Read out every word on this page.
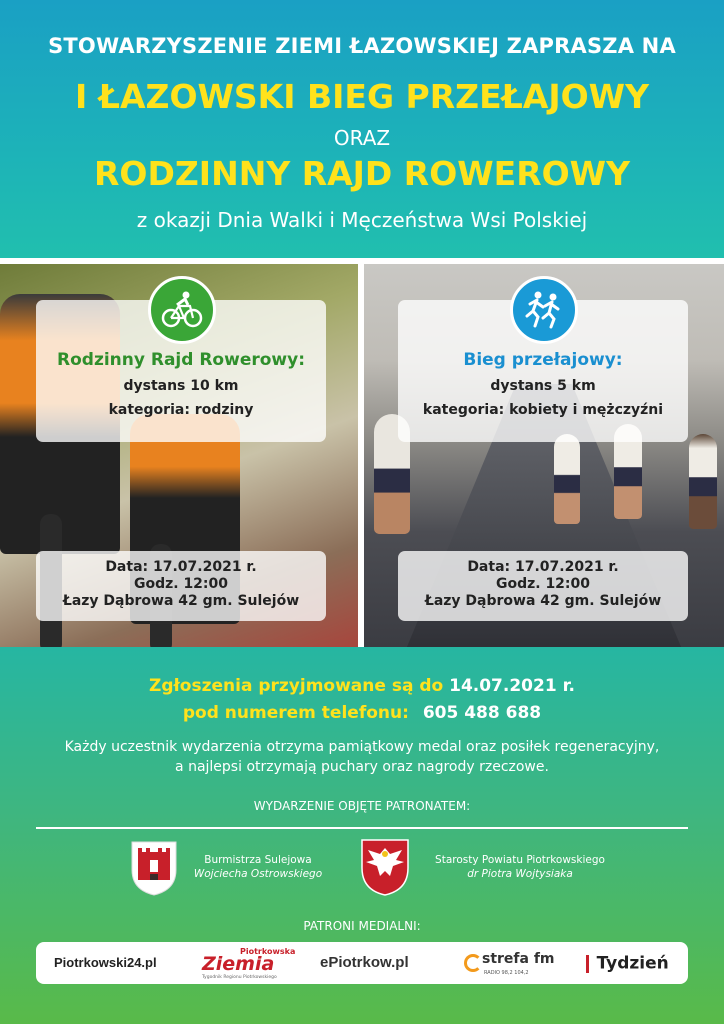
STOWARZYSZENIE ZIEMI ŁAZOWSKIEJ ZAPRASZA NA
I ŁAZOWSKI BIEG PRZEŁAJOWY
ORAZ
RODZINNY RAJD ROWEROWY
z okazji Dnia Walki i Męczeństwa Wsi Polskiej
Rodzinny Rajd Rowerowy:
dystans 10 km
kategoria: rodziny
Data: 17.07.2021 r.
Godz. 12:00
Łazy Dąbrowa 42 gm. Sulejów
Bieg przełajowy:
dystans 5 km
kategoria: kobiety i mężczyźni
Data: 17.07.2021 r.
Godz. 12:00
Łazy Dąbrowa 42 gm. Sulejów
Zgłoszenia przyjmowane są do 14.07.2021 r.
pod numerem telefonu: 605 488 688
Każdy uczestnik wydarzenia otrzyma pamiątkowy medal oraz posiłek regeneracyjny,
a najlepsi otrzymają puchary oraz nagrody rzeczowe.
WYDARZENIE OBJĘTE PATRONATEM:
Burmistrza Sulejowa
Wojciecha Ostrowskiego
Starosty Powiatu Piotrkowskiego
dr Piotra Wojtysiaka
PATRONI MEDIALNI:
Piotrkowski24.pl
Piotrkowska
Ziemia
Tygodnik Regionu Piotrkowskiego
ePiotrkow.pl	strefa fm
RADIO 98,2 104,2	Tydzień
